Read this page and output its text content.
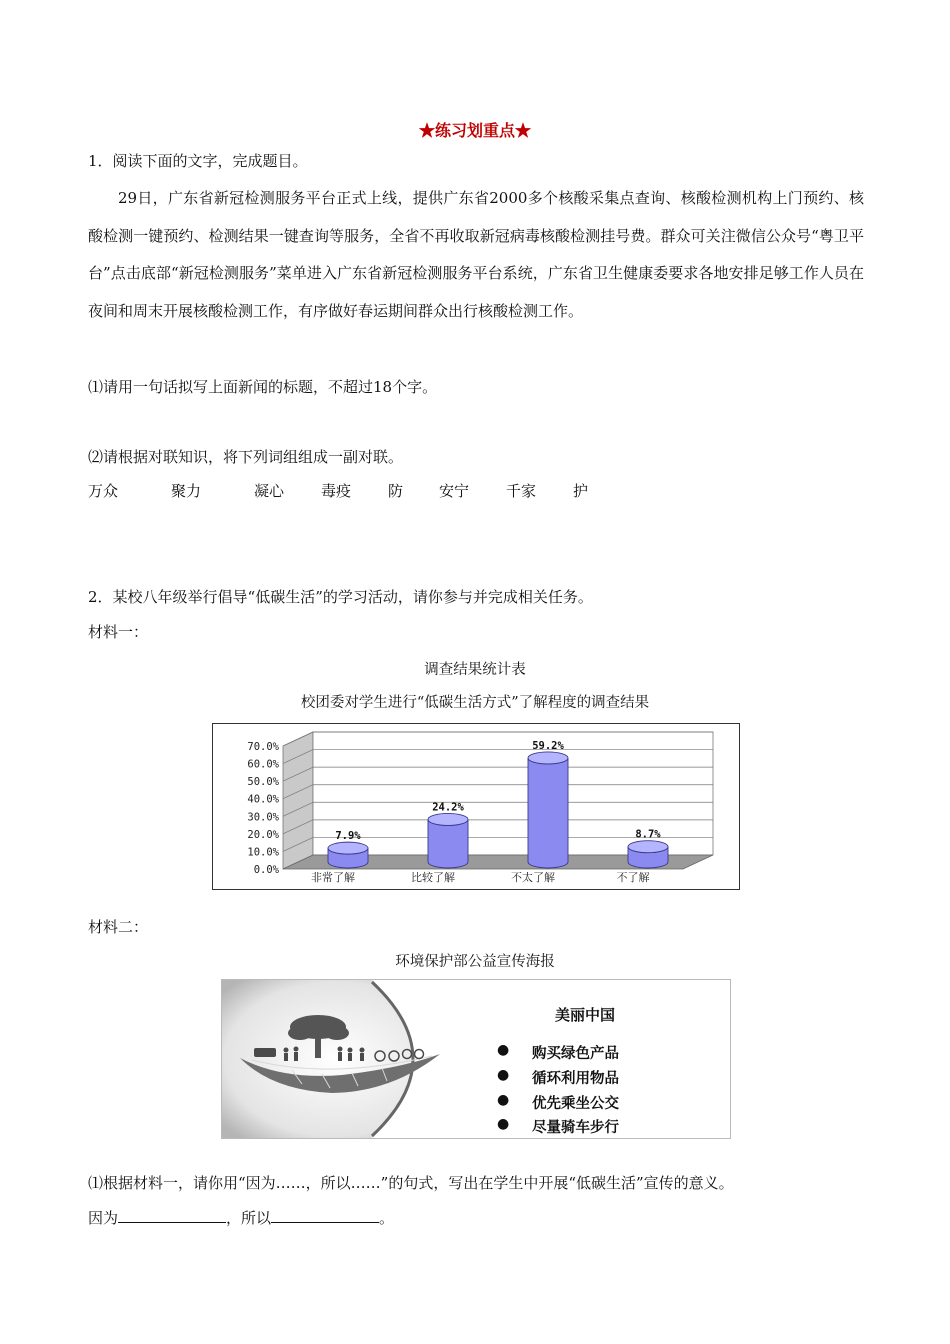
★练习划重点★
1．阅读下面的文字，完成题目。
29日，广东省新冠检测服务平台正式上线，提供广东省2000多个核酸采集点查询、核酸检测机构上门预约、核酸检测一键预约、检测结果一键查询等服务，全省不再收取新冠病毒核酸检测挂号费。群众可关注微信公众号“粤卫平台”点击底部“新冠检测服务”菜单进入广东省新冠检测服务平台系统，广东省卫生健康委要求各地安排足够工作人员在夜间和周末开展核酸检测工作，有序做好春运期间群众出行核酸检测工作。
⑴请用一句话拟写上面新闻的标题，不超过18个字。
⑵请根据对联知识，将下列词组组成一副对联。
万众	聚力	凝心 毒疫 防 安宁 千家 护
2．某校八年级举行倡导“低碳生活”的学习活动，请你参与并完成相关任务。
材料一：
调查结果统计表
校团委对学生进行“低碳生活方式”了解程度的调查结果
0.0%
10.0%
20.0%
30.0%
40.0%
50.0%
60.0%
70.0%
7.9%
非常了解
24.2%
比较了解
59.2%
不太了解
8.7%
不了解
材料二：
环境保护部公益宣传海报
美丽中国
● 购买绿色产品
● 循环利用物品
● 优先乘坐公交
● 尽量骑车步行
⑴根据材料一，请你用“因为……，所以……”的句式，写出在学生中开展“低碳生活”宣传的意义。
因为	，所以	。
